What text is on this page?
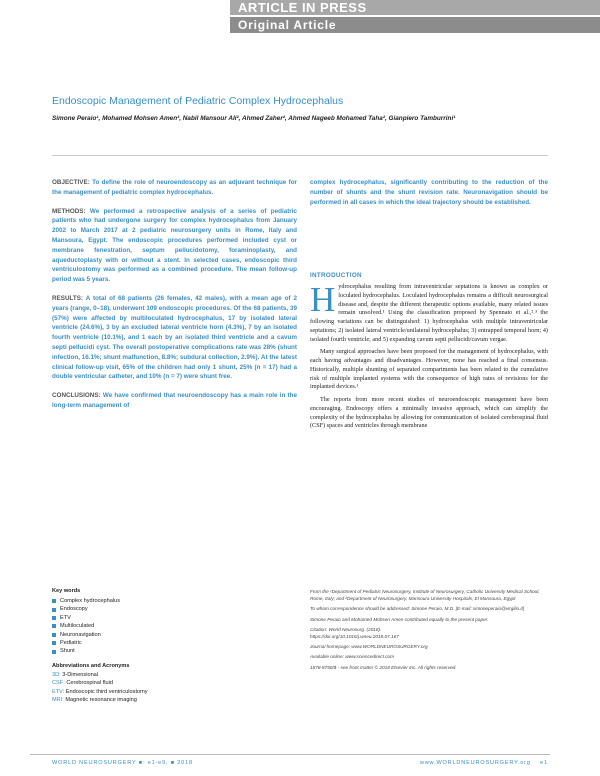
ARTICLE IN PRESS
Original Article
Endoscopic Management of Pediatric Complex Hydrocephalus
Simone Peraio¹, Mohamed Mohsen Amen², Nabil Mansour Ali², Ahmed Zaher², Ahmed Nageeb Mohamed Taha², Gianpiero Tamburrini¹

OBJECTIVE: To define the role of neuroendoscopy as an adjuvant technique for the management of pediatric complex hydrocephalus.

METHODS: We performed a retrospective analysis of a series of pediatric patients who had undergone surgery for complex hydrocephalus from January 2002 to March 2017 at 2 pediatric neurosurgery units in Rome, Italy and Mansoura, Egypt. The endoscopic procedures performed included cyst or membrane fenestration, septum pellucidotomy, foraminoplasty, and aqueductoplasty with or without a stent. In selected cases, endoscopic third ventriculostomy was performed as a combined procedure. The mean follow-up period was 5 years.

RESULTS: A total of 68 patients (26 females, 42 males), with a mean age of 2 years (range, 0–18), underwent 109 endoscopic procedures. Of the 68 patients, 39 (57%) were affected by multiloculated hydrocephalus, 17 by isolated lateral ventricle (24.6%), 3 by an excluded lateral ventricle horn (4.3%), 7 by an isolated fourth ventricle (10.1%), and 1 each by an isolated third ventricle and a cavum septi pellucidi cyst. The overall postoperative complications rate was 28% (shunt infection, 16.1%; shunt malfunction, 8.8%; subdural collection, 2.9%). At the latest clinical follow-up visit, 65% of the children had only 1 shunt, 25% (n = 17) had a double ventricular catheter, and 10% (n = 7) were shunt free.

CONCLUSIONS: We have confirmed that neuroendoscopy has a main role in the long-term management of

complex hydrocephalus, significantly contributing to the reduction of the number of shunts and the shunt revision rate. Neuronavigation should be performed in all cases in which the ideal trajectory should be established.
INTRODUCTION

Hydrocephalus resulting from intraventricular septations is known as complex or loculated hydrocephalus. Loculated hydrocephalus remains a difficult neurosurgical disease and, despite the different therapeutic options available, many related issues remain unsolved.¹ Using the classification proposed by Spennato et al.,²˒³ the following variations can be distinguished: 1) hydrocephalus with multiple intraventricular septations; 2) isolated lateral ventricle/unilateral hydrocephalus; 3) entrapped temporal horn; 4) isolated fourth ventricle; and 5) expanding cavum septi pellucidi/cavum vergae.

Many surgical approaches have been proposed for the management of hydrocephalus, with each having advantages and disadvantages. However, none has reached a final consensus. Historically, multiple shunting of separated compartments has been related to the cumulative risk of multiple implanted systems with the consequence of high rates of revisions for the implanted devices.¹

The reports from more recent studies of neuroendoscopic management have been encouraging. Endoscopy offers a minimally invasive approach, which can simplify the complexity of the hydrocephalus by allowing for communication of isolated cerebrospinal fluid (CSF) spaces and ventricles through membrane

Key words
Complex hydrocephalus
Endoscopy
ETV
Multiloculated
Neuronavigation
Pediatric
Shunt
Abbreviations and Acronyms
3D: 3-Dimensional
CSF: Cerebrospinal fluid
ETV: Endoscopic third ventriculostomy
MRI: Magnetic resonance imaging

From the ¹Department of Pediatric Neurosurgery, Institute of Neurosurgery, Catholic University Medical School, Rome, Italy; and ²Department of Neurosurgery, Mansoura University Hospitals, El Mansoura, Egypt

To whom correspondence should be addressed: Simone Peraio, M.D. [E-mail: simoneperaio@virgilio.it]

Simone Peraio and Mohamed Mohsen Amen contributed equally to the present paper.

Citation: World Neurosurg. (2018).
https://doi.org/10.1016/j.wneu.2018.07.167

Journal homepage: www.WORLDNEUROSURGERY.org

Available online: www.sciencedirect.com

1878-8750/$ - see front matter © 2018 Elsevier Inc. All rights reserved.

WORLD NEUROSURGERY ■: e1-e9, ■ 2018	www.WORLDNEUROSURGERY.org e1
